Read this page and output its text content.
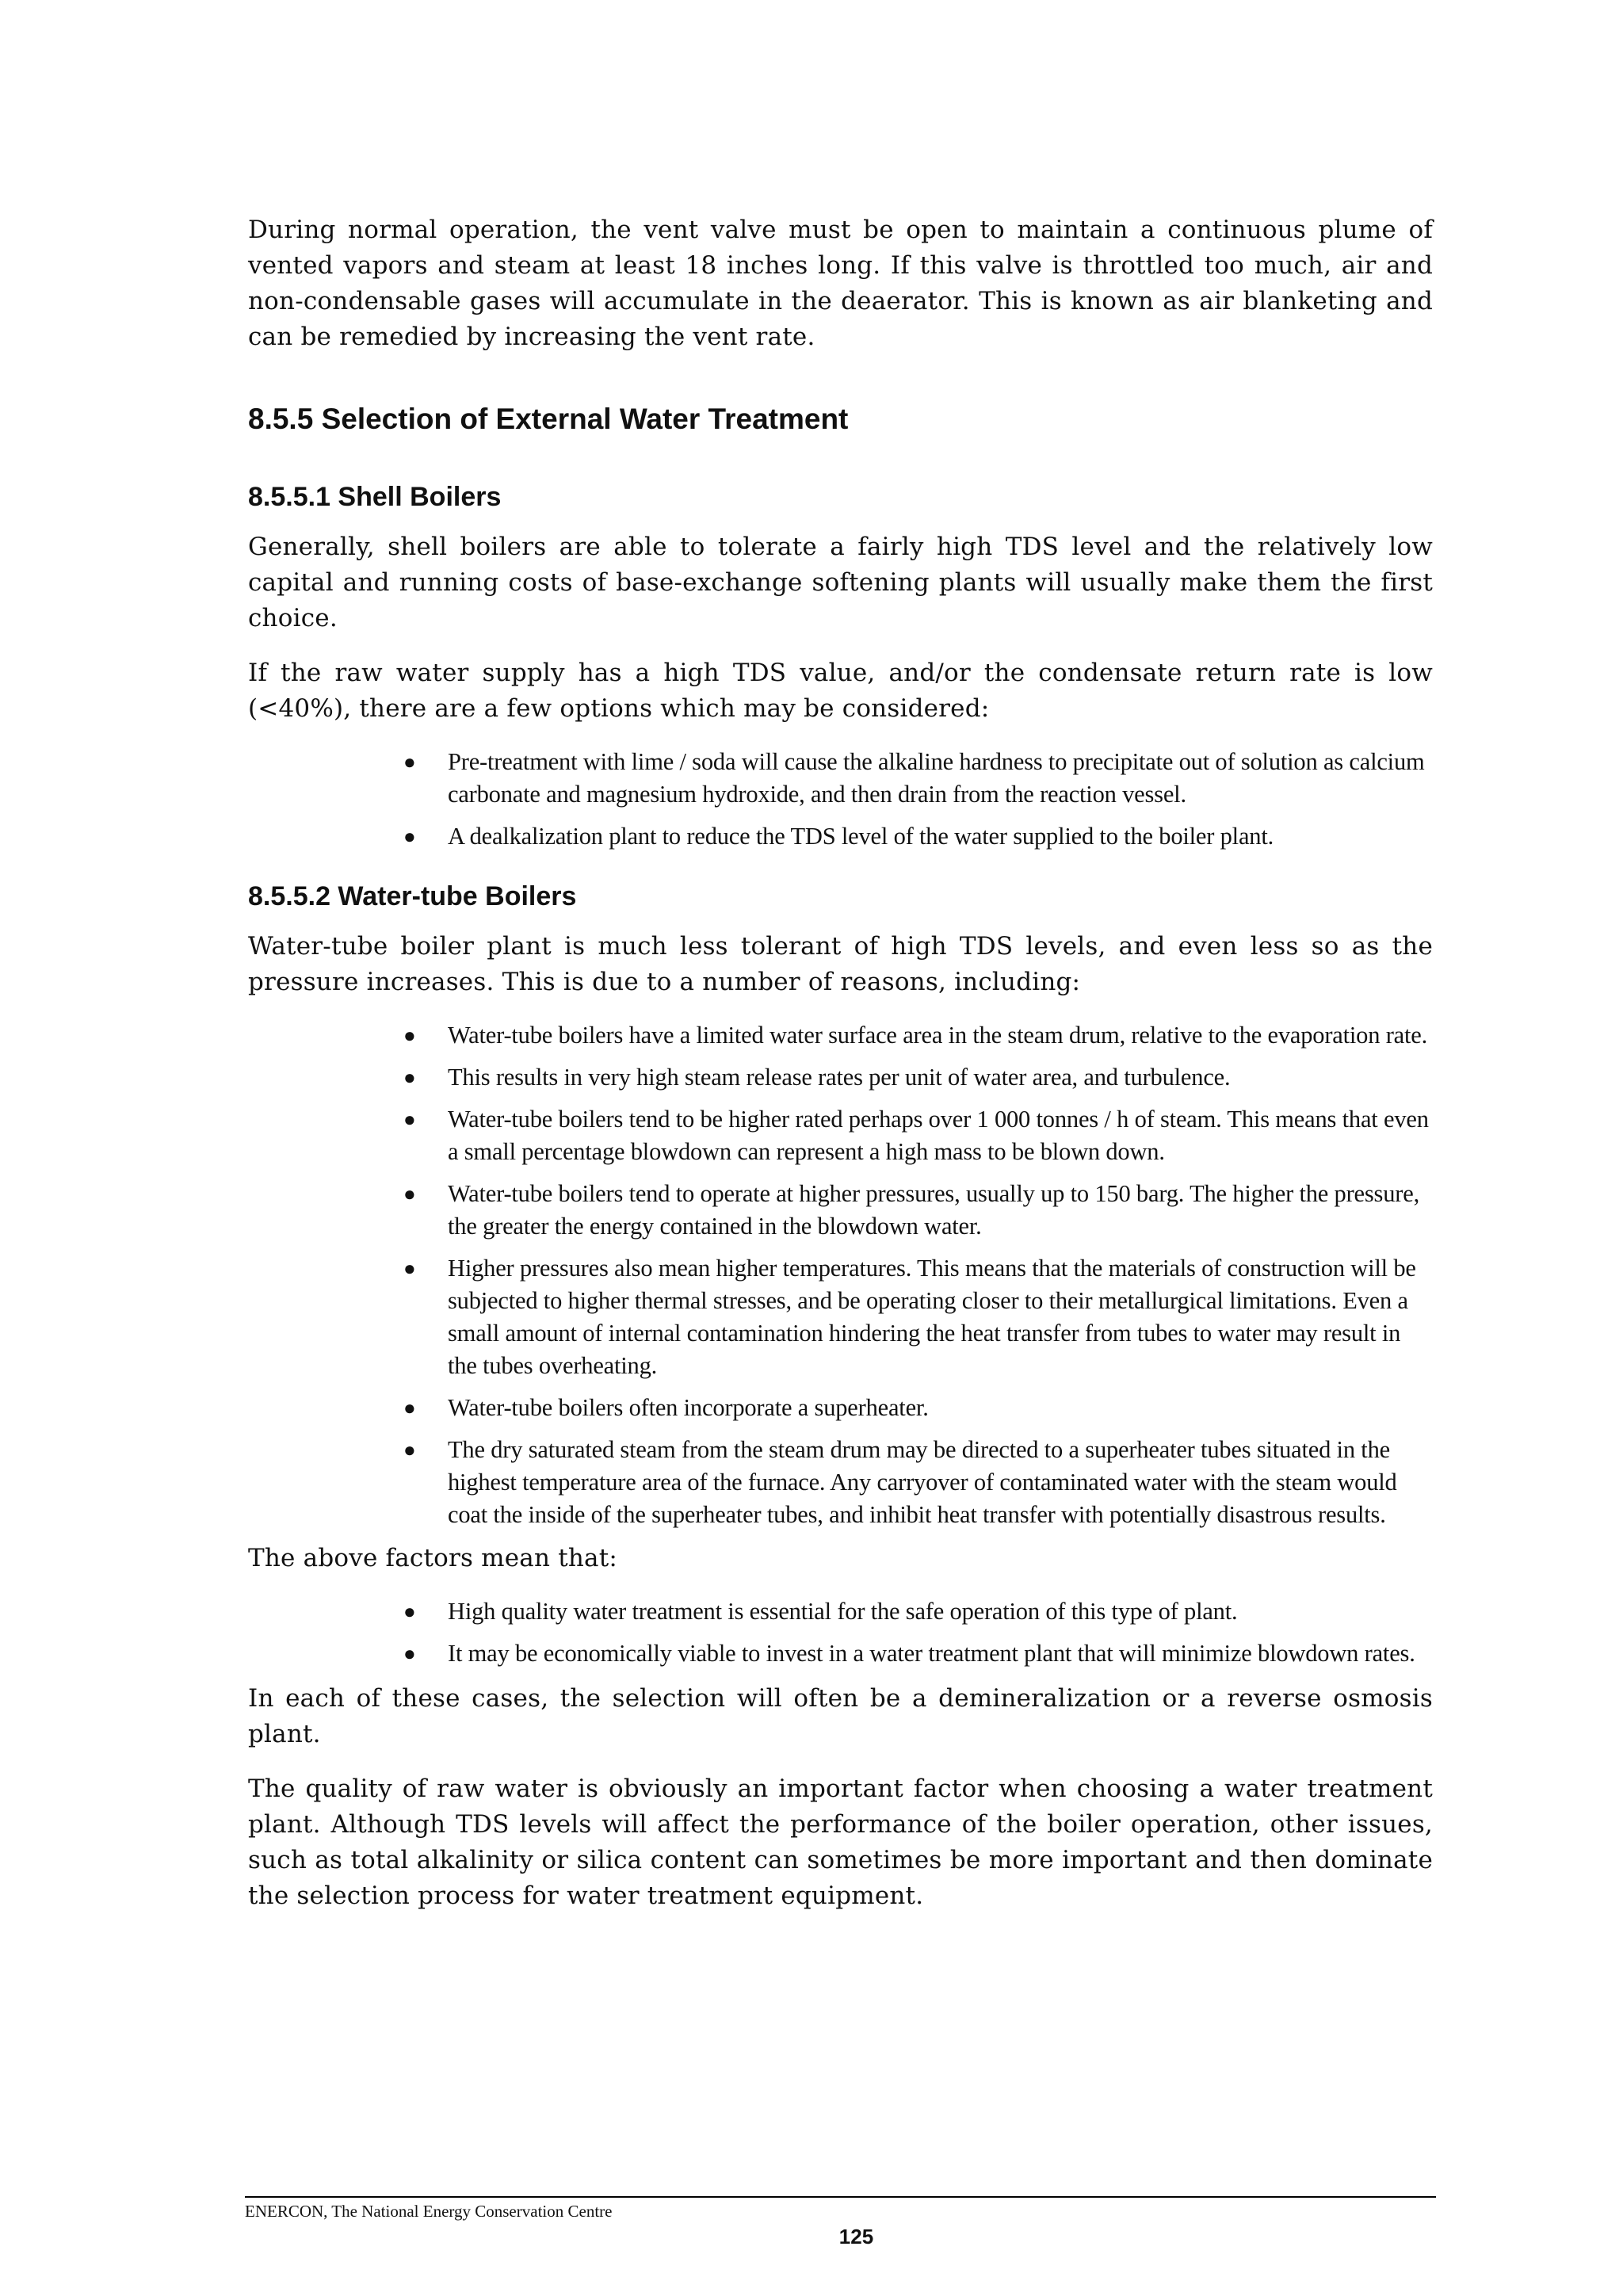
During normal operation, the vent valve must be open to maintain a continuous plume of vented vapors and steam at least 18 inches long. If this valve is throttled too much, air and non-condensable gases will accumulate in the deaerator. This is known as air blanketing and can be remedied by increasing the vent rate.

8.5.5 Selection of External Water Treatment
8.5.5.1 Shell Boilers

Generally, shell boilers are able to tolerate a fairly high TDS level and the relatively low capital and running costs of base-exchange softening plants will usually make them the first choice.

If the raw water supply has a high TDS value, and/or the condensate return rate is low (<40%), there are a few options which may be considered:

● Pre-treatment with lime / soda will cause the alkaline hardness to precipitate out of solution as calcium carbonate and magnesium hydroxide, and then drain from the reaction vessel.
● A dealkalization plant to reduce the TDS level of the water supplied to the boiler plant.
8.5.5.2 Water-tube Boilers

Water-tube boiler plant is much less tolerant of high TDS levels, and even less so as the pressure increases. This is due to a number of reasons, including:

● Water-tube boilers have a limited water surface area in the steam drum, relative to the evaporation rate.
● This results in very high steam release rates per unit of water area, and turbulence.
● Water-tube boilers tend to be higher rated perhaps over 1 000 tonnes / h of steam. This means that even a small percentage blowdown can represent a high mass to be blown down.
● Water-tube boilers tend to operate at higher pressures, usually up to 150 barg. The higher the pressure, the greater the energy contained in the blowdown water.
● Higher pressures also mean higher temperatures. This means that the materials of construction will be subjected to higher thermal stresses, and be operating closer to their metallurgical limitations. Even a small amount of internal contamination hindering the heat transfer from tubes to water may result in the tubes overheating.
● Water-tube boilers often incorporate a superheater.
● The dry saturated steam from the steam drum may be directed to a superheater tubes situated in the highest temperature area of the furnace. Any carryover of contaminated water with the steam would coat the inside of the superheater tubes, and inhibit heat transfer with potentially disastrous results.

The above factors mean that:

● High quality water treatment is essential for the safe operation of this type of plant.
● It may be economically viable to invest in a water treatment plant that will minimize blowdown rates.

In each of these cases, the selection will often be a demineralization or a reverse osmosis plant.

The quality of raw water is obviously an important factor when choosing a water treatment plant. Although TDS levels will affect the performance of the boiler operation, other issues, such as total alkalinity or silica content can sometimes be more important and then dominate the selection process for water treatment equipment.

ENERCON, The National Energy Conservation Centre
125
